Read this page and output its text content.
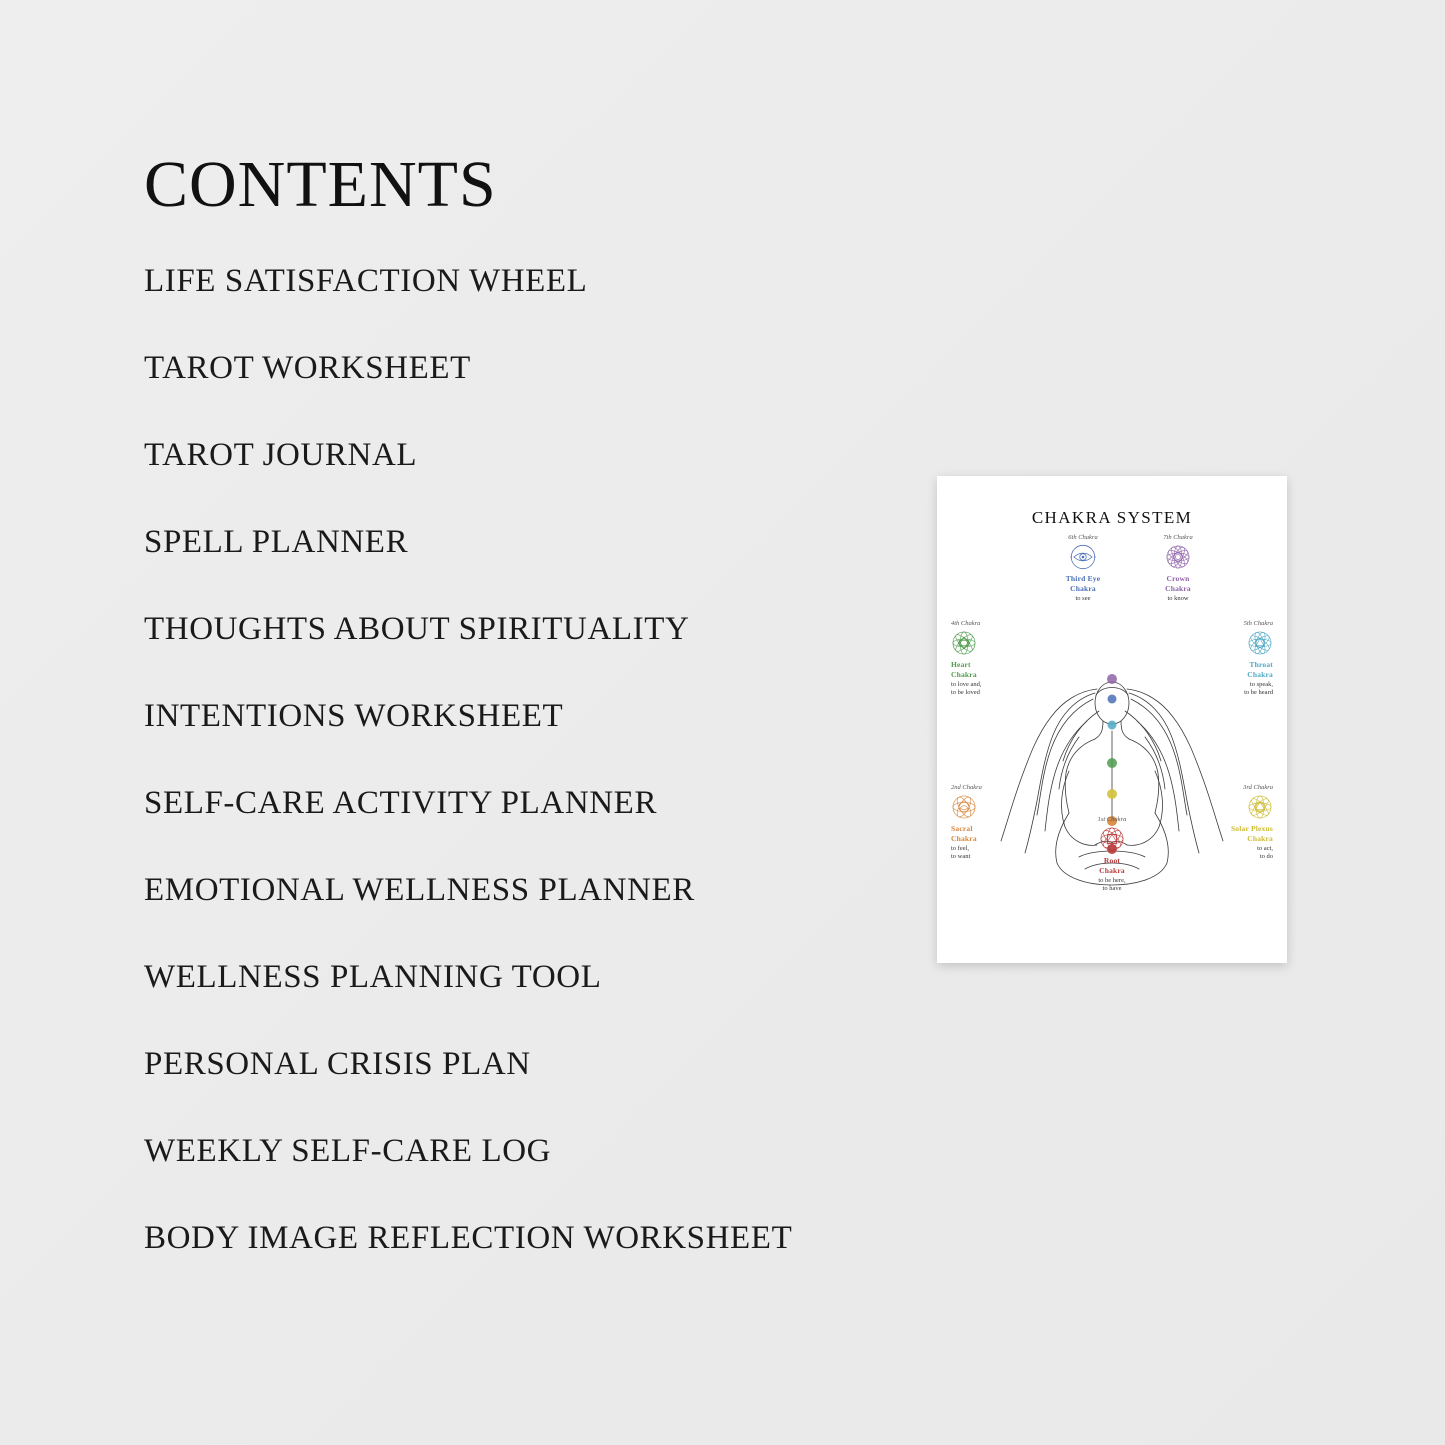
CONTENTS
LIFE SATISFACTION WHEEL
TAROT WORKSHEET
TAROT JOURNAL
SPELL PLANNER
THOUGHTS ABOUT SPIRITUALITY
INTENTIONS WORKSHEET
SELF-CARE ACTIVITY PLANNER
EMOTIONAL WELLNESS PLANNER
WELLNESS PLANNING TOOL
PERSONAL CRISIS PLAN
WEEKLY SELF-CARE LOG
BODY IMAGE REFLECTION WORKSHEET
CHAKRA SYSTEM
6th Chakra
Third Eye
Chakra
to see
7th Chakra
Crown
Chakra
to know
4th Chakra
Heart
Chakra
to love and,
to be loved
5th Chakra
Throat
Chakra
to speak,
to be heard
2nd Chakra
Sacral
Chakra
to feel,
to want
3rd Chakra
Solar Plexus
Chakra
to act,
to do
1st Chakra
Root
Chakra
to be here,
to have
